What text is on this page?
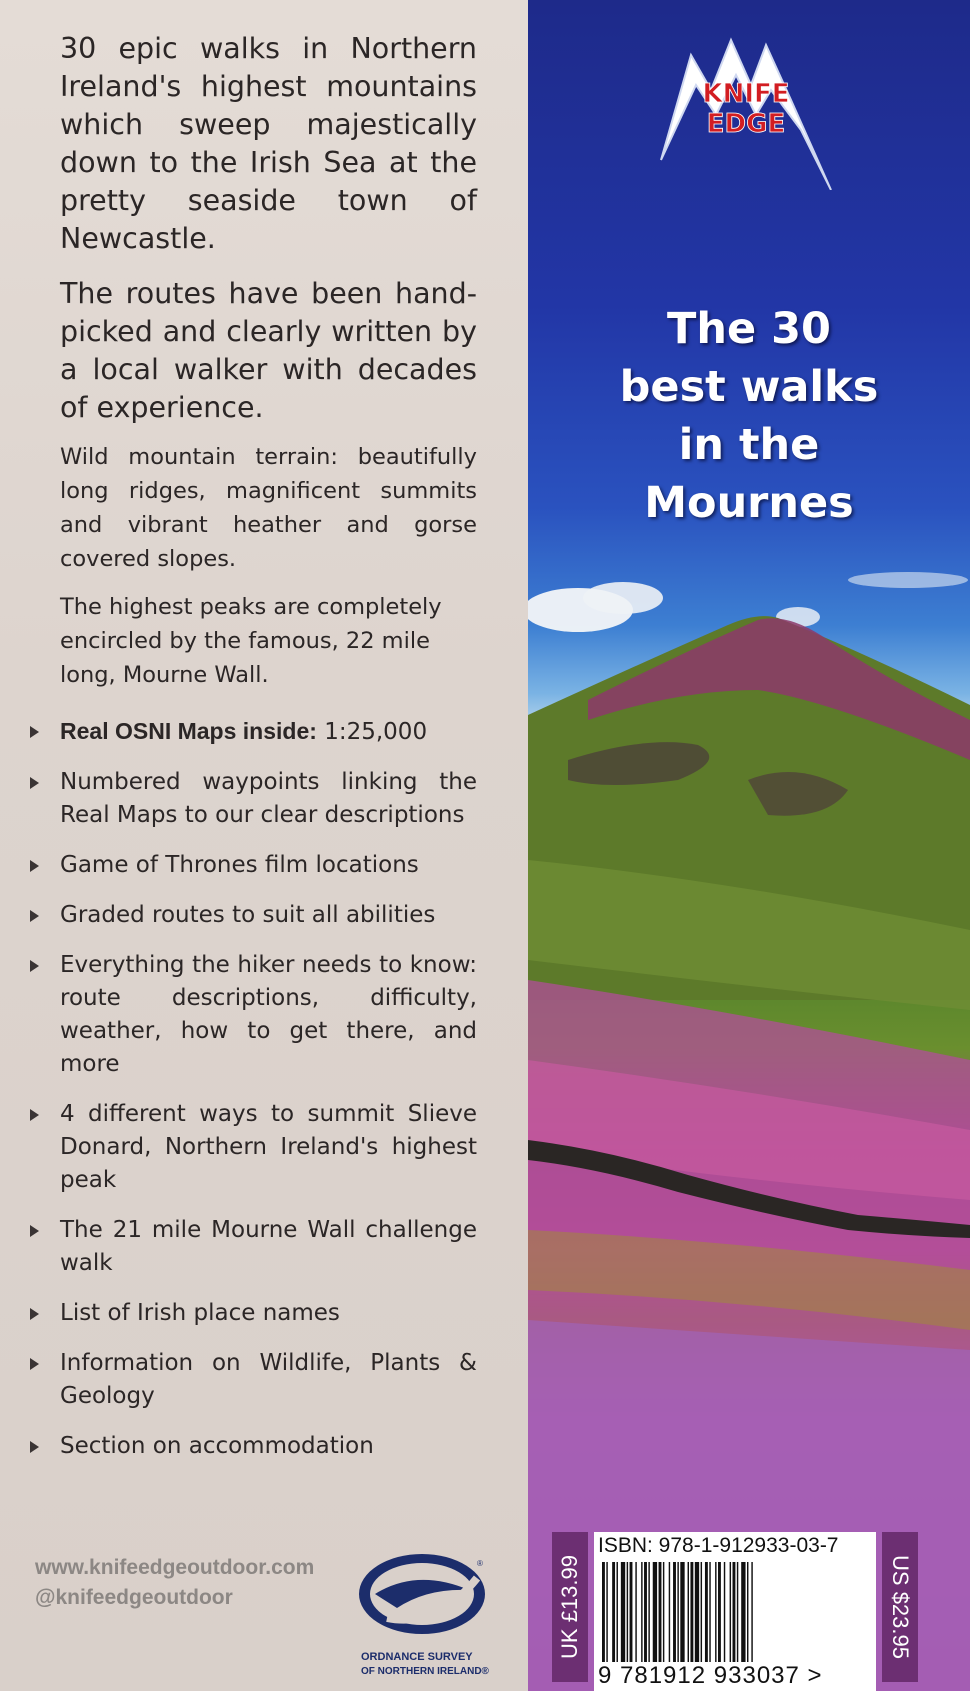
30 epic walks in Northern Ireland's highest mountains which sweep majestically down to the Irish Sea at the pretty seaside town of Newcastle.

The routes have been hand-picked and clearly written by a local walker with decades of experience.

Wild mountain terrain: beautifully long ridges, magnificent summits and vibrant heather and gorse covered slopes.

The highest peaks are completely encircled by the famous, 22 mile long, Mourne Wall.

Real OSNI Maps inside: 1:25,000
Numbered waypoints linking the Real Maps to our clear descriptions
Game of Thrones film locations
Graded routes to suit all abilities
Everything the hiker needs to know: route descriptions, difficulty, weather, how to get there, and more
4 different ways to summit Slieve Donard, Northern Ireland's highest peak
The 21 mile Mourne Wall challenge walk
List of Irish place names
Information on Wildlife, Plants & Geology
Section on accommodation
www.knifeedgeoutdoor.com
@knifeedgeoutdoor
®
ORDNANCE SURVEY
OF NORTHERN IRELAND®
KNIFE
EDGE
The 30
best walks
in the
Mournes
UK £13.99
ISBN: 978-1-912933-03-7
9 781912 933037 >
US $23.95
